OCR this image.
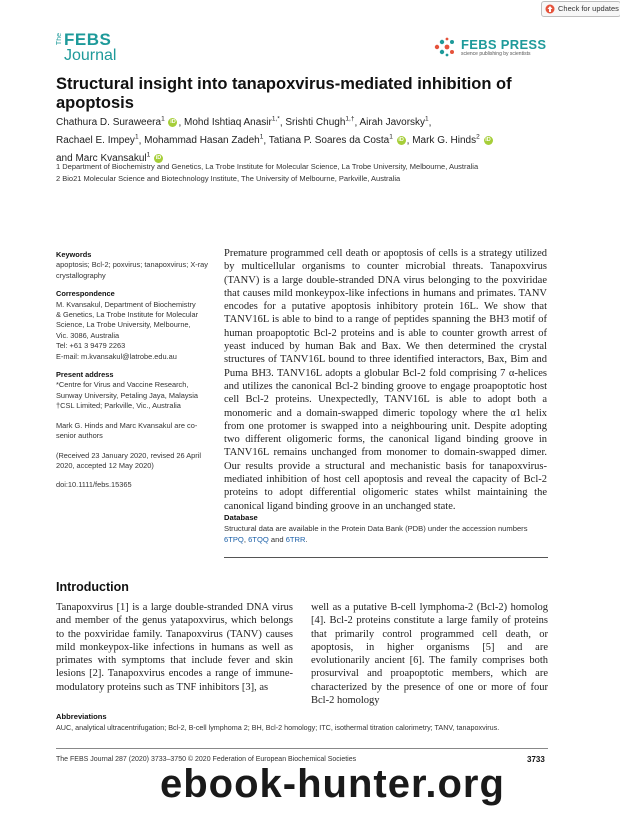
Check for updates
The FEBS
Journal
FEBS PRESS
science publishing by scientists
Structural insight into tanapoxvirus-mediated inhibition of apoptosis
Chathura D. Suraweera$^1$ iD , Mohd Ishtiaq Anasir$^{1,*}$, Srishti Chugh$^{1,\dagger}$, Airah Javorsky$^1$,
Rachael E. Impey$^1$, Mohammad Hasan Zadeh$^1$, Tatiana P. Soares da Costa$^1$ iD , Mark G. Hinds$^2$ iD
and Marc Kvansakul$^1$ iD
1 Department of Biochemistry and Genetics, La Trobe Institute for Molecular Science, La Trobe University, Melbourne, Australia
2 Bio21 Molecular Science and Biotechnology Institute, The University of Melbourne, Parkville, Australia
Keywords

apoptosis; Bcl-2; poxvirus; tanapoxvirus; X-ray crystallography

Correspondence

M. Kvansakul, Department of Biochemistry

& Genetics, La Trobe Institute for Molecular

Science, La Trobe University, Melbourne,

Vic. 3086, Australia

Tel: +61 3 9479 2263

E-mail: m.kvansakul@latrobe.edu.au

Present address

*Centre for Virus and Vaccine Research,

Sunway University, Petaling Jaya, Malaysia

†CSL Limited; Parkville, Vic., Australia

Mark G. Hinds and Marc Kvansakul are co-

senior authors

(Received 23 January 2020, revised 26 April

2020, accepted 12 May 2020)

doi:10.1111/febs.15365

Premature programmed cell death or apoptosis of cells is a strategy utilized by multicellular organisms to counter microbial threats. Tanapoxvirus (TANV) is a large double-stranded DNA virus belonging to the poxviridae that causes mild monkeypox-like infections in humans and primates. TANV encodes for a putative apoptosis inhibitory protein 16L. We show that TANV16L is able to bind to a range of peptides spanning the BH3 motif of human proapoptotic Bcl-2 proteins and is able to counter growth arrest of yeast induced by human Bak and Bax. We then determined the crystal structures of TANV16L bound to three identified interactors, Bax, Bim and Puma BH3. TANV16L adopts a globular Bcl-2 fold comprising 7 α-helices and utilizes the canonical Bcl-2 binding groove to engage proapoptotic host cell Bcl-2 proteins. Unexpectedly, TANV16L is able to adopt both a monomeric and a domain-swapped dimeric topology where the α1 helix from one protomer is swapped into a neighbouring unit. Despite adopting two different oligomeric forms, the canonical ligand binding groove in TANV16L remains unchanged from monomer to domain-swapped dimer. Our results provide a structural and mechanistic basis for tanapoxvirus-mediated inhibition of host cell apoptosis and reveal the capacity of Bcl-2 proteins to adopt differential oligomeric states whilst maintaining the canonical ligand binding groove in an unchanged state.

Database
Structural data are available in the Protein Data Bank (PDB) under the accession numbers
6TPQ, 6TQQ and 6TRR.
Introduction

Tanapoxvirus [1] is a large double-stranded DNA virus and member of the genus yatapoxvirus, which belongs to the poxviridae family. Tanapoxvirus (TANV) causes mild monkeypox-like infections in humans as well as primates with symptoms that include fever and skin lesions [2]. Tanapoxvirus encodes a range of immune-modulatory proteins such as TNF inhibitors [3], as

well as a putative B-cell lymphoma-2 (Bcl-2) homolog [4]. Bcl-2 proteins constitute a large family of proteins that primarily control programmed cell death, or apoptosis, in higher organisms [5] and are evolutionarily ancient [6]. The family comprises both prosurvival and proapoptotic members, which are characterized by the presence of one or more of four Bcl-2 homology

Abbreviations
AUC, analytical ultracentrifugation; Bcl-2, B-cell lymphoma 2; BH, Bcl-2 homology; ITC, isothermal titration calorimetry; TANV, tanapoxvirus.
The FEBS Journal 287 (2020) 3733–3750 © 2020 Federation of European Biochemical Societies	3733
ebook-hunter.org
